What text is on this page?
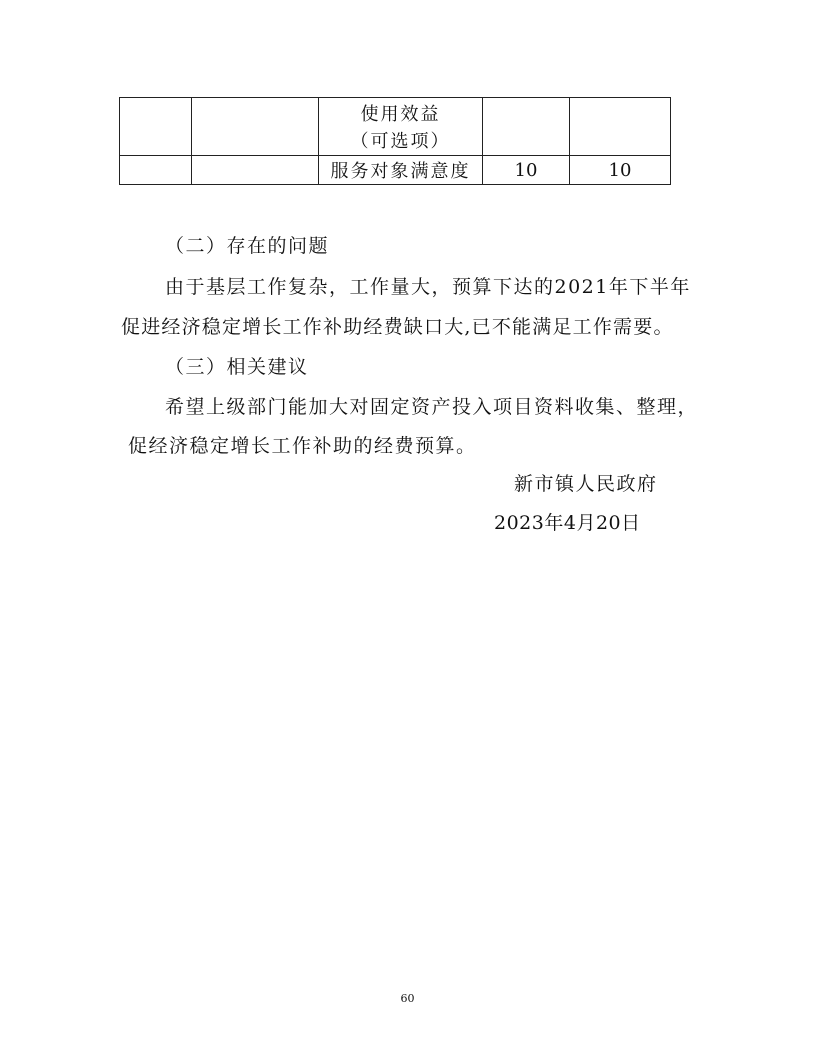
		使用效益
（可选项）		

		服务对象满意度	10	10
（二）存在的问题
由于基层工作复杂，工作量大，预算下达的2021年下半年
促进经济稳定增长工作补助经费缺口大,已不能满足工作需要。
（三）相关建议
希望上级部门能加大对固定资产投入项目资料收集、整理，
促经济稳定增长工作补助的经费预算。
新市镇人民政府
2023年4月20日
60
